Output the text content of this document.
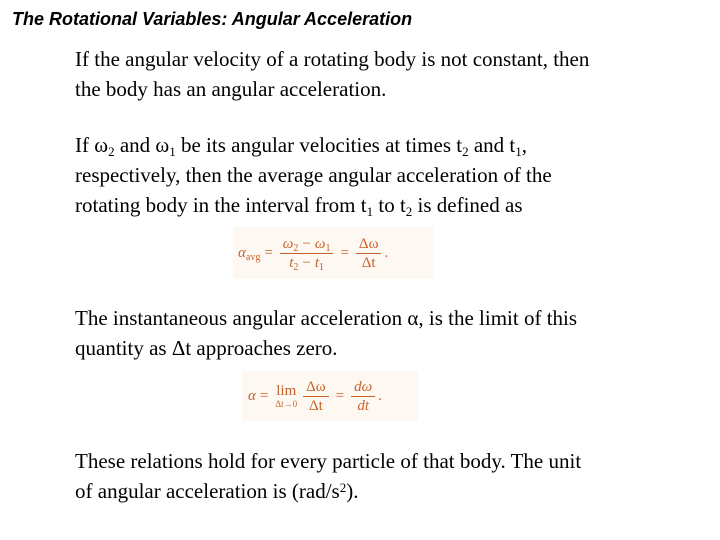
The Rotational Variables: Angular Acceleration
If the angular velocity of a rotating body is not constant, then
the body has an angular acceleration.
If $\omega_2$ and $\omega_1$ be its angular velocities at times $t_2$ and $t_1$,
respectively, then the average angular acceleration of the
rotating body in the interval from $t_1$ to $t_2$ is defined as
$\alpha_{avg} = \frac{\omega_2 - \omega_1}{t_2 - t_1} = \frac{\Delta\omega}{\Delta t}$ .
The instantaneous angular acceleration α, is the limit of this
quantity as Δt approaches zero.
α = lim
$\Delta t\to 0 \frac{\Delta\omega}{\Delta t} = \frac{d\omega}{dt}$ .
These relations hold for every particle of that body. The unit
of angular acceleration is $(rad/s^2)$.
